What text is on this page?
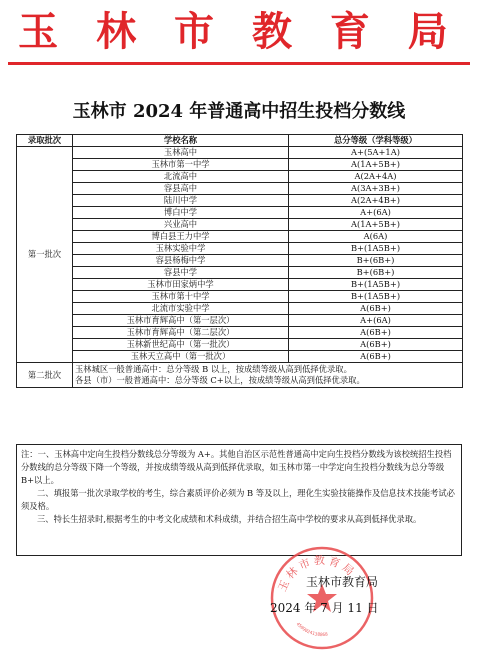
玉 林 市 教 育 局
玉林市 2024 年普通高中招生投档分数线
录取批次	学校名称	总分等级（学科等级）
第一批次	玉林高中	A+(5A+1A)
	玉林市第一中学	A(1A+5B+)
	北流高中	A(2A+4A)
	容县高中	A(3A+3B+)
	陆川中学	A(2A+4B+)
	博白中学	A+(6A)
	兴业高中	A(1A+5B+)
	博白县王力中学	A(6A)
	玉林实验中学	B+(1A5B+)
	容县杨梅中学	B+(6B+)
	容县中学	B+(6B+)
	玉林市田家炳中学	B+(1A5B+)
	玉林市第十中学	B+(1A5B+)
	北流市实验中学	A(6B+)
	玉林市育辉高中（第一层次）	A+(6A)
	玉林市育辉高中（第二层次）	A(6B+)
	玉林新世纪高中（第一批次）	A(6B+)
	玉林天立高中（第一批次）	A(6B+)
第二批次	玉林城区一般普通高中：总分等级 B 以上，按成绩等级从高到低择优录取。
各县（市）一般普通高中：总分等级 C+以上，按成绩等级从高到低择优录取。	

注：一、玉林高中定向生投档分数线总分等级为 A+。其他自治区示范性普通高中定向生投档分数线为该校统招生投档分数线的总分等级下降一个等级，并按成绩等级从高到低择优录取，如玉林市第一中学定向生投档分数线为总分等级 B+以上。

二、填报第一批次录取学校的考生，综合素质评价必须为 B 等及以上，理化生实验技能操作及信息技术技能考试必须及格。

三、特长生招录时,根据考生的中考文化成绩和术科成绩，并结合招生高中学校的要求从高到低择优录取。

玉林市教育局
4509024138868
玉林市教育局
2024 年 7 月 11 日
